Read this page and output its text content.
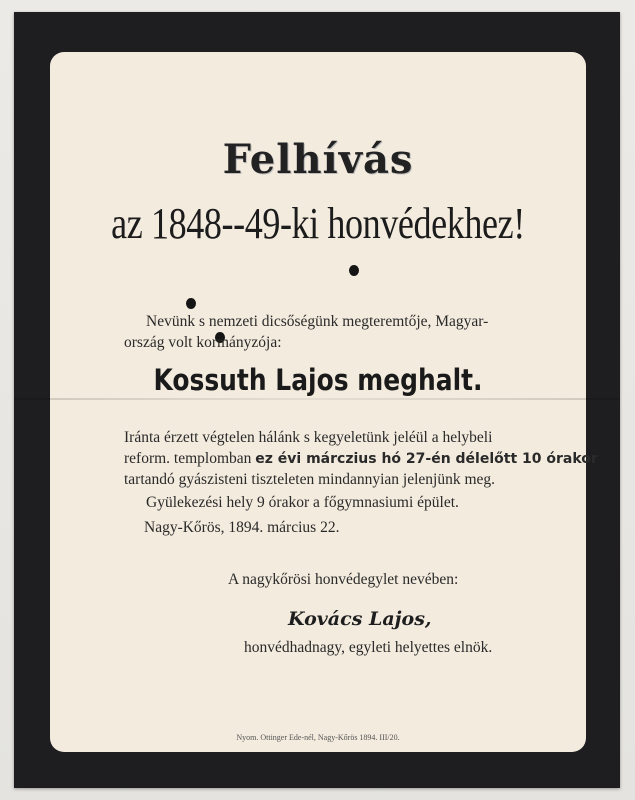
Felhívás
az 1848--49-ki honvédekhez!
Nevünk s nemzeti dicsőségünk megteremtője, Magyar-
ország volt kormányzója:
Kossuth Lajos meghalt.
Iránta érzett végtelen hálánk s kegyeletünk jeléül a helybeli
reform. templomban ez évi márczius hó 27-én délelőtt 10 órakor
tartandó gyászisteni tiszteleten mindannyian jelenjünk meg.
Gyülekezési hely 9 órakor a főgymnasiumi épület.
Nagy-Kőrös, 1894. március 22.
A nagykőrösi honvédegylet nevében:
Kovács Lajos,
honvédhadnagy, egyleti helyettes elnök.
Nyom. Ottinger Ede-nél, Nagy-Kőrös 1894. III/20.
